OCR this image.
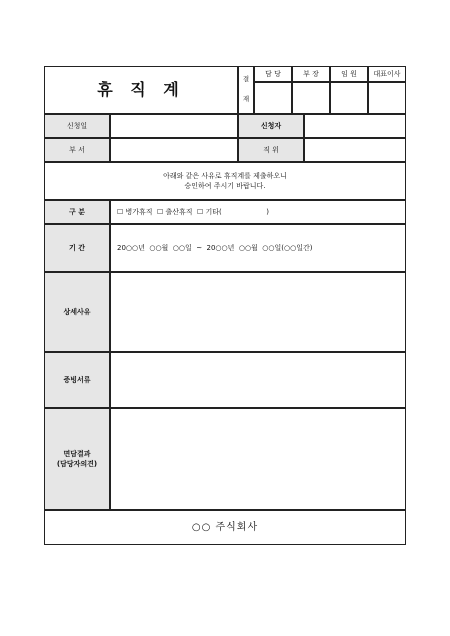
휴 직 계
결
재
담 당	부 장	임 원	대표이사
신청일	신청자
부 서	직 위
아래와 같은 사유로 휴직계를 제출하오니
승인하여 주시기 바랍니다.
구 분	☐ 병가휴직  ☐ 출산휴직  ☐ 기타(                    )
기 간	20○○년  ○○월  ○○일  ~  20○○년  ○○월  ○○일(○○일간)
상세사유
증빙서류
면담결과
(담당자의견)
○○ 주식회사
